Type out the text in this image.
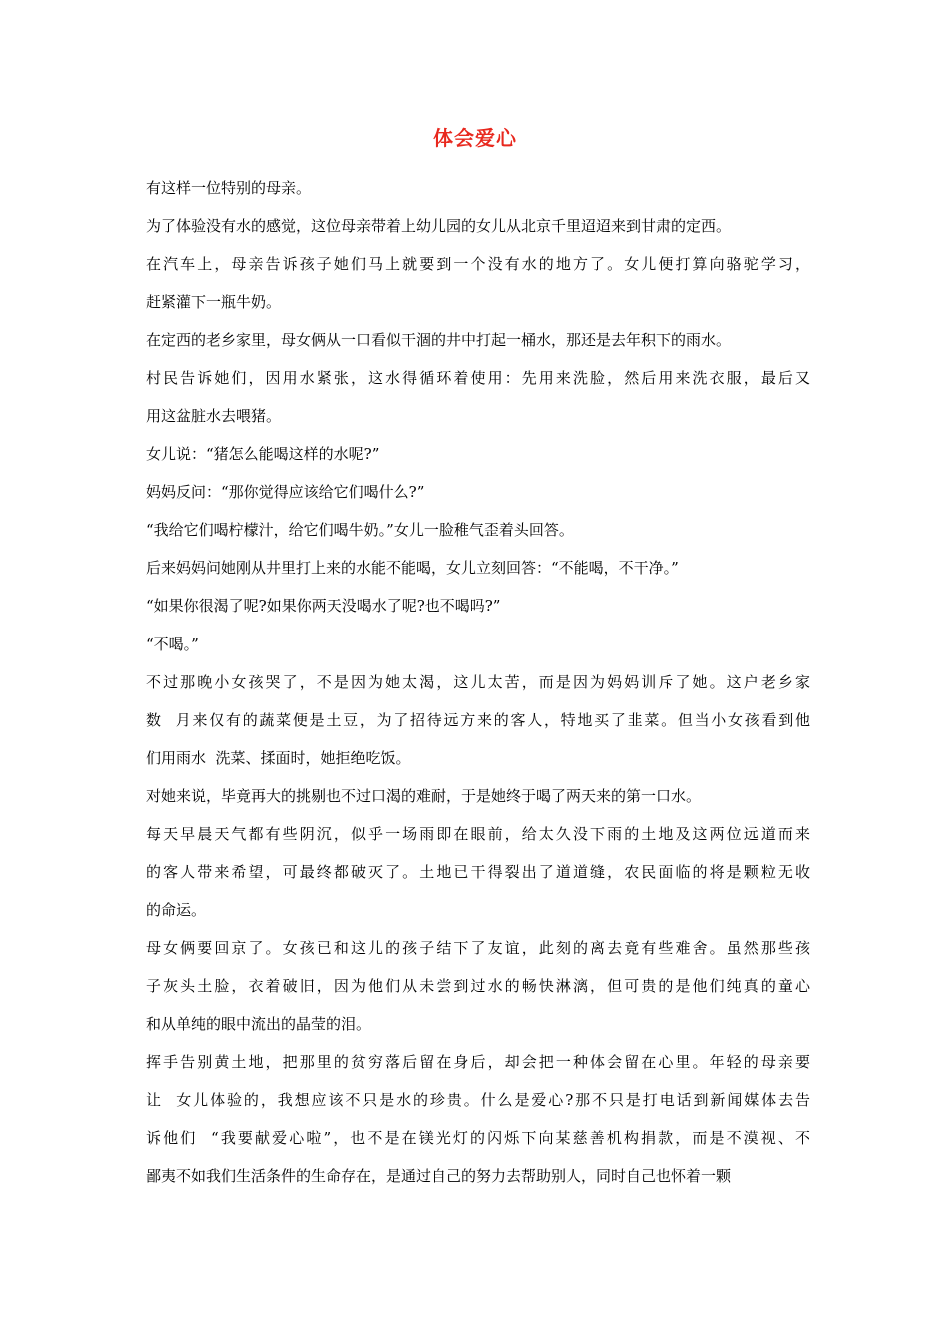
体会爱心
有这样一位特别的母亲。
为了体验没有水的感觉，这位母亲带着上幼儿园的女儿从北京千里迢迢来到甘肃的定西。
在汽车上，母亲告诉孩子她们马上就要到一个没有水的地方了。女儿便打算向骆驼学习，
赶紧灌下一瓶牛奶。
在定西的老乡家里，母女俩从一口看似干涸的井中打起一桶水，那还是去年积下的雨水。
村民告诉她们，因用水紧张，这水得循环着使用：先用来洗脸，然后用来洗衣服，最后又
用这盆脏水去喂猪。
女儿说：“猪怎么能喝这样的水呢?”
妈妈反问：“那你觉得应该给它们喝什么?”
“我给它们喝柠檬汁，给它们喝牛奶。”女儿一脸稚气歪着头回答。
后来妈妈问她刚从井里打上来的水能不能喝，女儿立刻回答：“不能喝，不干净。”
“如果你很渴了呢?如果你两天没喝水了呢?也不喝吗?”
“不喝。”
不过那晚小女孩哭了，不是因为她太渴，这儿太苦，而是因为妈妈训斥了她。这户老乡家
数  月来仅有的蔬菜便是土豆，为了招待远方来的客人，特地买了韭菜。但当小女孩看到他
们用雨水  洗菜、揉面时，她拒绝吃饭。
对她来说，毕竟再大的挑剔也不过口渴的难耐，于是她终于喝了两天来的第一口水。
每天早晨天气都有些阴沉，似乎一场雨即在眼前，给太久没下雨的土地及这两位远道而来
的客人带来希望，可最终都破灭了。土地已干得裂出了道道缝，农民面临的将是颗粒无收
的命运。
母女俩要回京了。女孩已和这儿的孩子结下了友谊，此刻的离去竟有些难舍。虽然那些孩
子灰头土脸，衣着破旧，因为他们从未尝到过水的畅快淋漓，但可贵的是他们纯真的童心
和从单纯的眼中流出的晶莹的泪。
挥手告别黄土地，把那里的贫穷落后留在身后，却会把一种体会留在心里。年轻的母亲要
让  女儿体验的，我想应该不只是水的珍贵。什么是爱心?那不只是打电话到新闻媒体去告
诉他们  “我要献爱心啦”，也不是在镁光灯的闪烁下向某慈善机构捐款，而是不漠视、不
鄙夷不如我们生活条件的生命存在，是通过自己的努力去帮助别人，同时自己也怀着一颗
